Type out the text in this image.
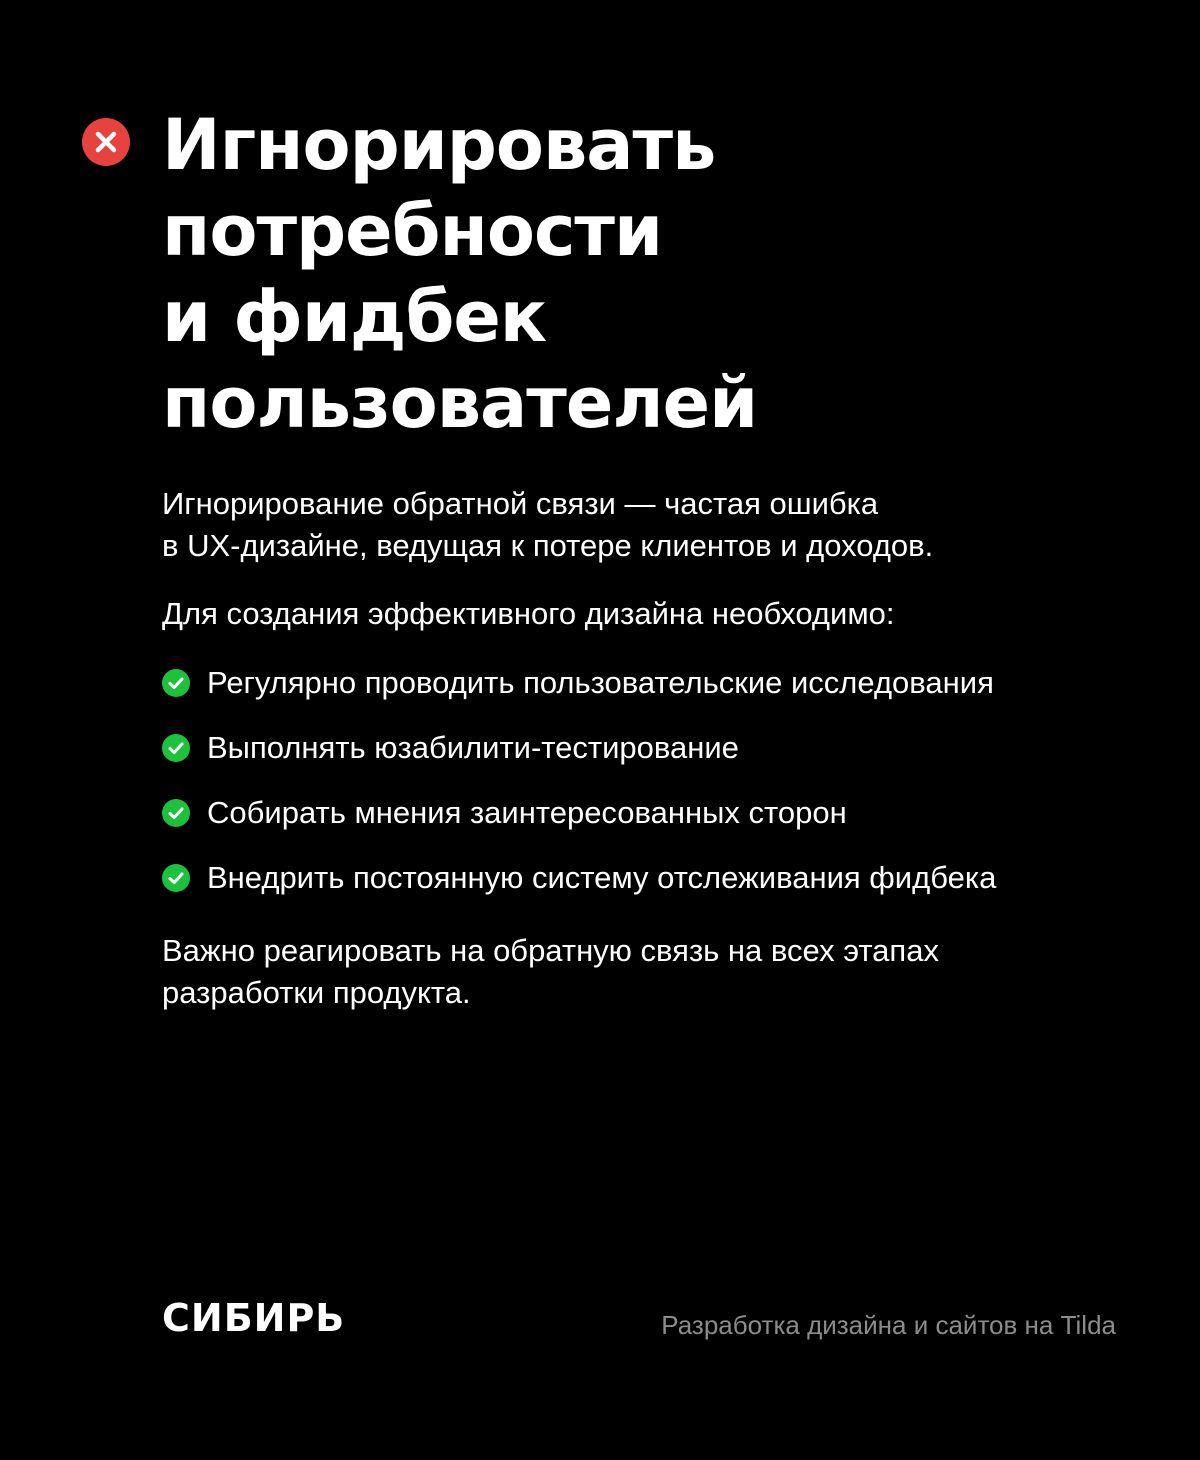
Игнорировать
потребности
и фидбек
пользователей

Игнорирование обратной связи — частая ошибка
в UX-дизайне, ведущая к потере клиентов и доходов.

Для создания эффективного дизайна необходимо:

Регулярно проводить пользовательские исследования
Выполнять юзабилити-тестирование
Собирать мнения заинтересованных сторон
Внедрить постоянную систему отслеживания фидбека

Важно реагировать на обратную связь на всех этапах
разработки продукта.

СИБИРЬ	Разработка дизайна и сайтов на Tilda
